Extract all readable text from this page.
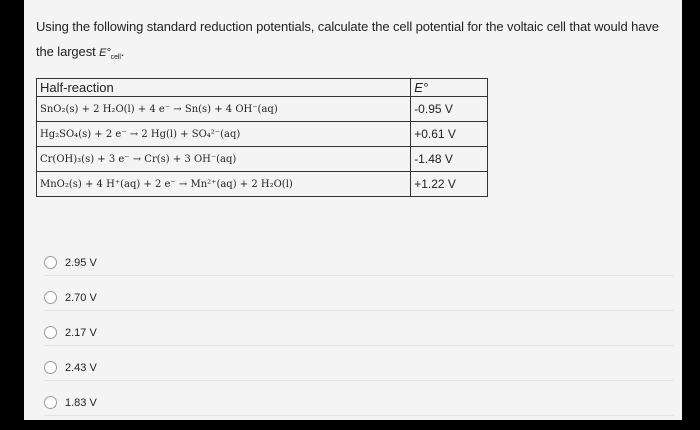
Using the following standard reduction potentials, calculate the cell potential for the voltaic cell that would have the largest $E^\circ_{cell}$.
Half-reaction	E°
SnO₂(s) + 2 H₂O(l) + 4 e⁻ → Sn(s) + 4 OH⁻(aq)	-0.95 V
Hg₂SO₄(s) + 2 e⁻ → 2 Hg(l) + SO₄²⁻(aq)	+0.61 V
Cr(OH)₃(s) + 3 e⁻ → Cr(s) + 3 OH⁻(aq)	-1.48 V
MnO₂(s) + 4 H⁺(aq) + 2 e⁻ → Mn²⁺(aq) + 2 H₂O(l)	+1.22 V
2.95 V
2.70 V
2.17 V
2.43 V
1.83 V
